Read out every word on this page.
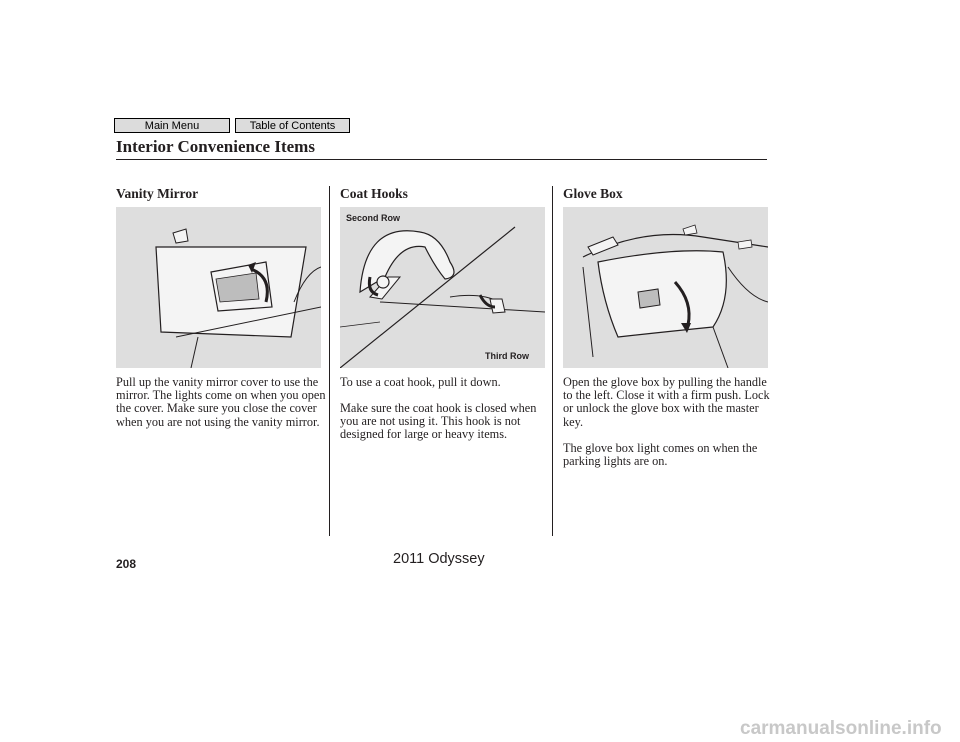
Main Menu	Table of Contents
Interior Convenience Items
Vanity Mirror	Coat Hooks	Glove Box
Second Row
Third Row

Pull up the vanity mirror cover to use the mirror. The lights come on when you open the cover. Make sure you close the cover when you are not using the vanity mirror.

To use a coat hook, pull it down.

Make sure the coat hook is closed when you are not using it. This hook is not designed for large or heavy items.

Open the glove box by pulling the handle to the left. Close it with a firm push. Lock or unlock the glove box with the master key.

The glove box light comes on when the parking lights are on.

208	2011 Odyssey
carmanualsonline.info
